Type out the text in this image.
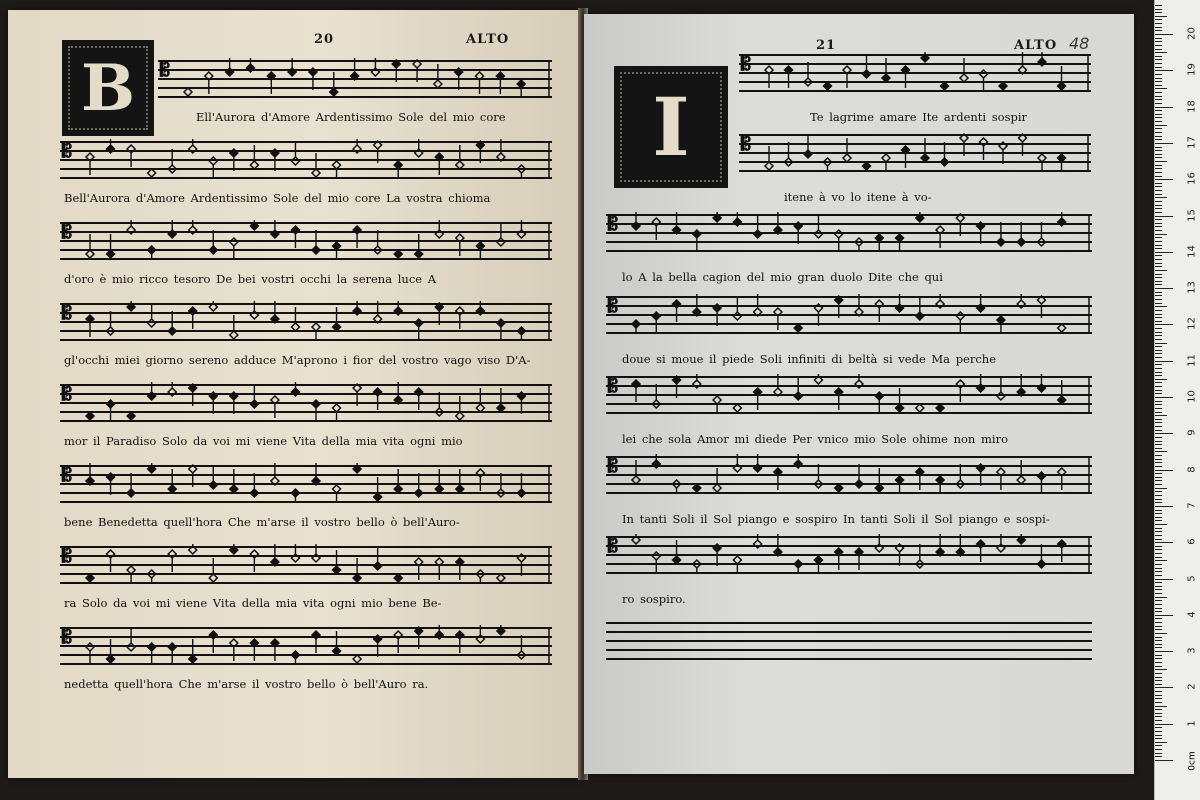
20	ALTO
B	𝄡
Ell'Aurora d'Amore Ardentissimo Sole del mio core
𝄡
Bell'Aurora d'Amore Ardentissimo Sole del mio core La vostra chioma
𝄡
d'oro è mio ricco tesoro De bei vostri occhi la serena luce A
𝄡
gl'occhi miei giorno sereno adduce M'aprono i fior del vostro vago viso D'A-
𝄡
mor il Paradiso Solo da voi mi viene Vita della mia vita ogni mio
𝄡
bene Benedetta quell'hora Che m'arse il vostro bello ò bell'Auro-
𝄡
ra Solo da voi mi viene Vita della mia vita ogni mio bene Be-
𝄡
nedetta quell'hora Che m'arse il vostro bello ò bell'Auro ra.
21	ALTO 48
I
𝄡
Te lagrime amare Ite ardenti sospir
𝄡
itene à vo lo itene à vo-
𝄡
lo A la bella cagion del mio gran duolo Dite che qui
𝄡
doue si moue il piede Soli infiniti di beltà si vede Ma perche
𝄡
lei che sola Amor mi diede Per vnico mio Sole ohime non miro
𝄡
In tanti Soli il Sol piango e sospiro In tanti Soli il Sol piango e sospi-
𝄡
ro sospiro.
0cm
1
2
3
4
5
6
7
8
9
10
11
12
13
14
15
16
17
18
19
20
